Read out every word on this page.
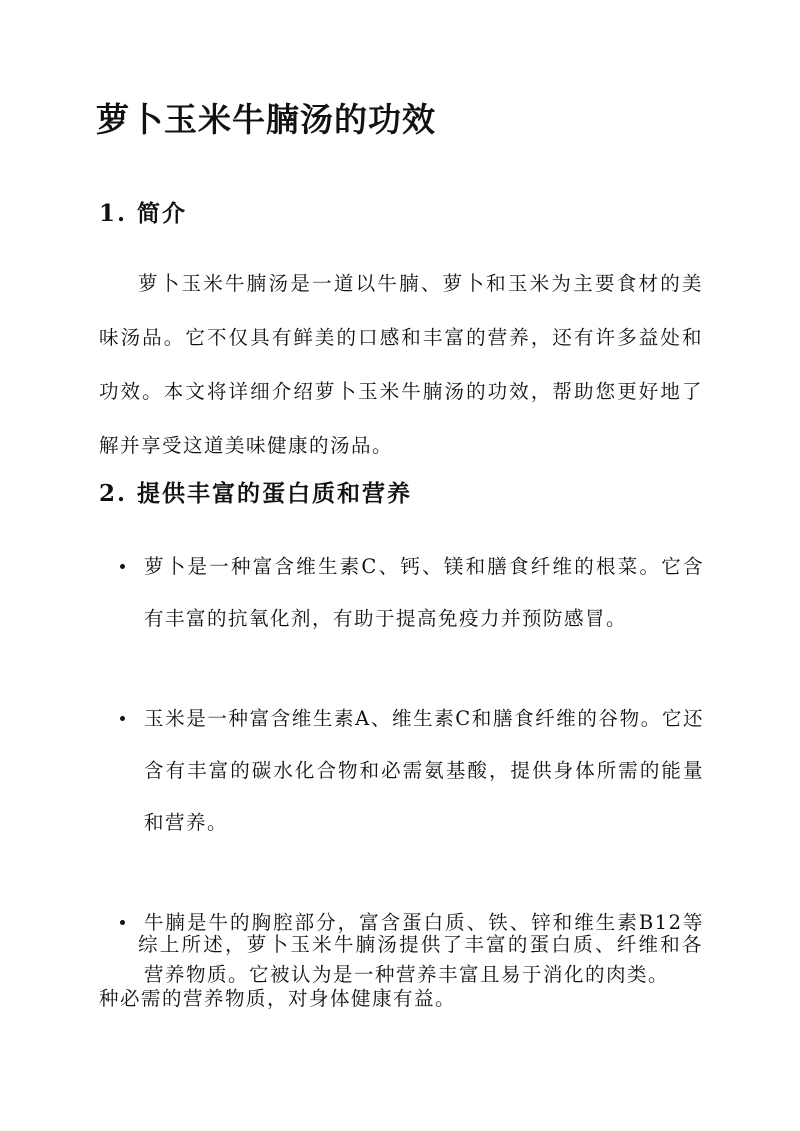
萝卜玉米牛腩汤的功效
1. 简介

萝卜玉米牛腩汤是一道以牛腩、萝卜和玉米为主要食材的美味汤品。它不仅具有鲜美的口感和丰富的营养，还有许多益处和功效。本文将详细介绍萝卜玉米牛腩汤的功效，帮助您更好地了解并享受这道美味健康的汤品。

2. 提供丰富的蛋白质和营养
萝卜是一种富含维生素C、钙、镁和膳食纤维的根菜。它含有丰富的抗氧化剂，有助于提高免疫力并预防感冒。
玉米是一种富含维生素A、维生素C和膳食纤维的谷物。它还含有丰富的碳水化合物和必需氨基酸，提供身体所需的能量和营养。
牛腩是牛的胸腔部分，富含蛋白质、铁、锌和维生素B12等营养物质。它被认为是一种营养丰富且易于消化的肉类。

综上所述，萝卜玉米牛腩汤提供了丰富的蛋白质、纤维和各种必需的营养物质，对身体健康有益。
